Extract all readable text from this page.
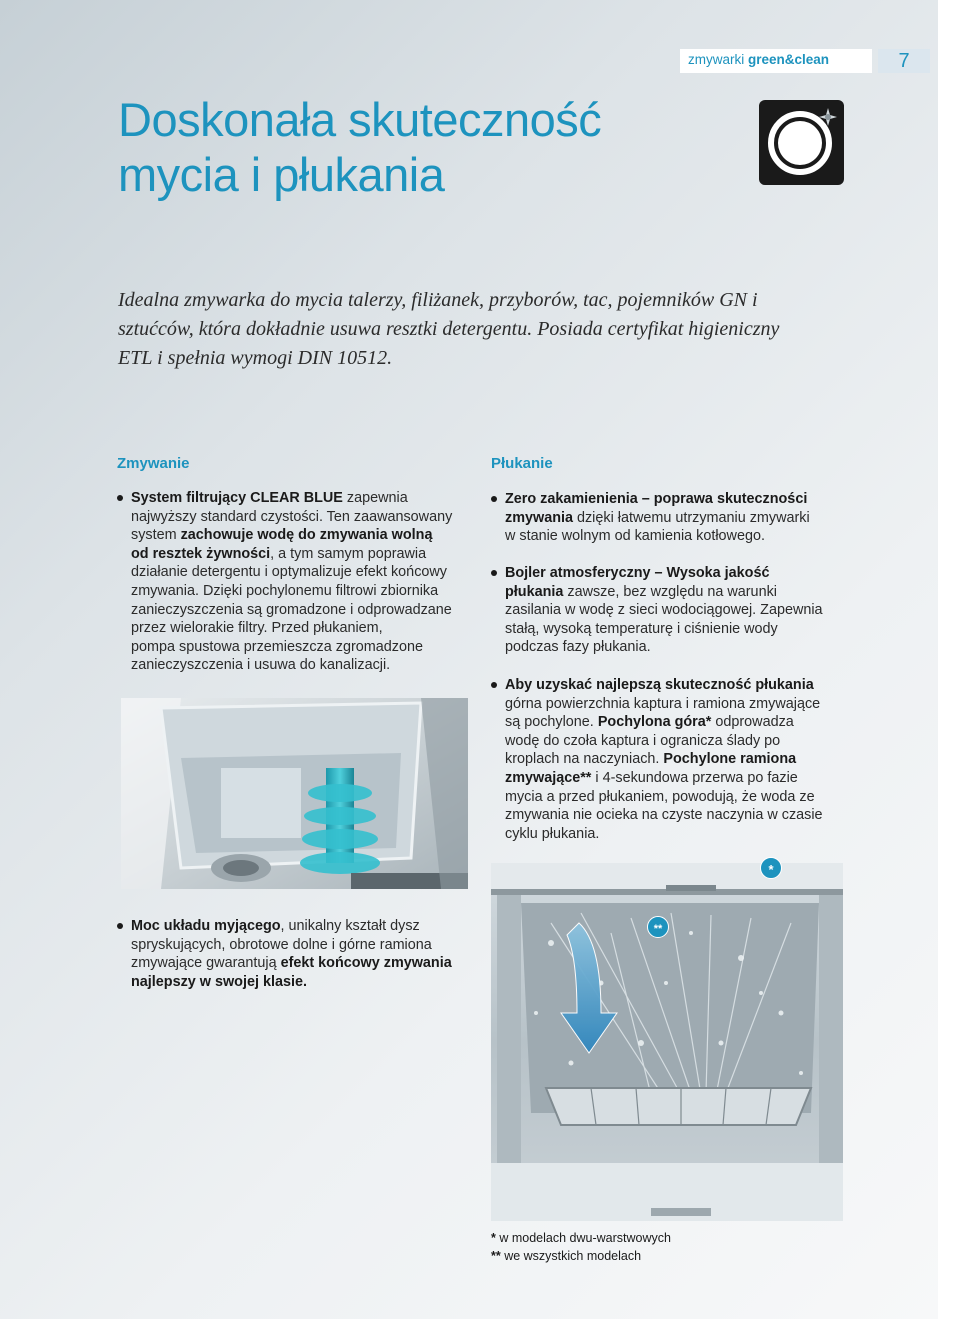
zmywarki green&clean	7
Doskonała skuteczność
mycia i płukania

Idealna zmywarka do mycia talerzy, filiżanek, przyborów, tac, pojemników GN i
sztućców, która dokładnie usuwa resztki detergentu. Posiada certyfikat higieniczny
ETL i spełnia wymogi DIN 10512.

Zmywanie
System filtrujący CLEAR BLUE zapewnia
najwyższy standard czystości. Ten zaawansowany
system zachowuje wodę do zmywania wolną
od resztek żywności, a tym samym poprawia
działanie detergentu i optymalizuje efekt końcowy
zmywania. Dzięki pochylonemu filtrowi zbiornika
zanieczyszczenia są gromadzone i odprowadzane
przez wielorakie filtry. Przed płukaniem,
pompa spustowa przemieszcza zgromadzone
zanieczyszczenia i usuwa do kanalizacji.
Moc układu myjącego, unikalny kształt dysz
spryskujących, obrotowe dolne i górne ramiona
zmywające gwarantują efekt końcowy zmywania
najlepszy w swojej klasie.
Płukanie
Zero zakamienienia – poprawa skuteczności
zmywania dzięki łatwemu utrzymaniu zmywarki
w stanie wolnym od kamienia kotłowego.
Bojler atmosferyczny – Wysoka jakość
płukania zawsze, bez względu na warunki
zasilania w wodę z sieci wodociągowej. Zapewnia
stałą, wysoką temperaturę i ciśnienie wody
podczas fazy płukania.
Aby uzyskać najlepszą skuteczność płukania
górna powierzchnia kaptura i ramiona zmywające
są pochylone. Pochylona góra* odprowadza
wodę do czoła kaptura i ogranicza ślady po
kroplach na naczyniach. Pochylone ramiona
zmywające** i 4-sekundowa przerwa po fazie
mycia a przed płukaniem, powodują, że woda ze
zmywania nie ocieka na czyste naczynia w czasie
cyklu płukania.
*
**
* w modelach dwu-warstwowych
** we wszystkich modelach
